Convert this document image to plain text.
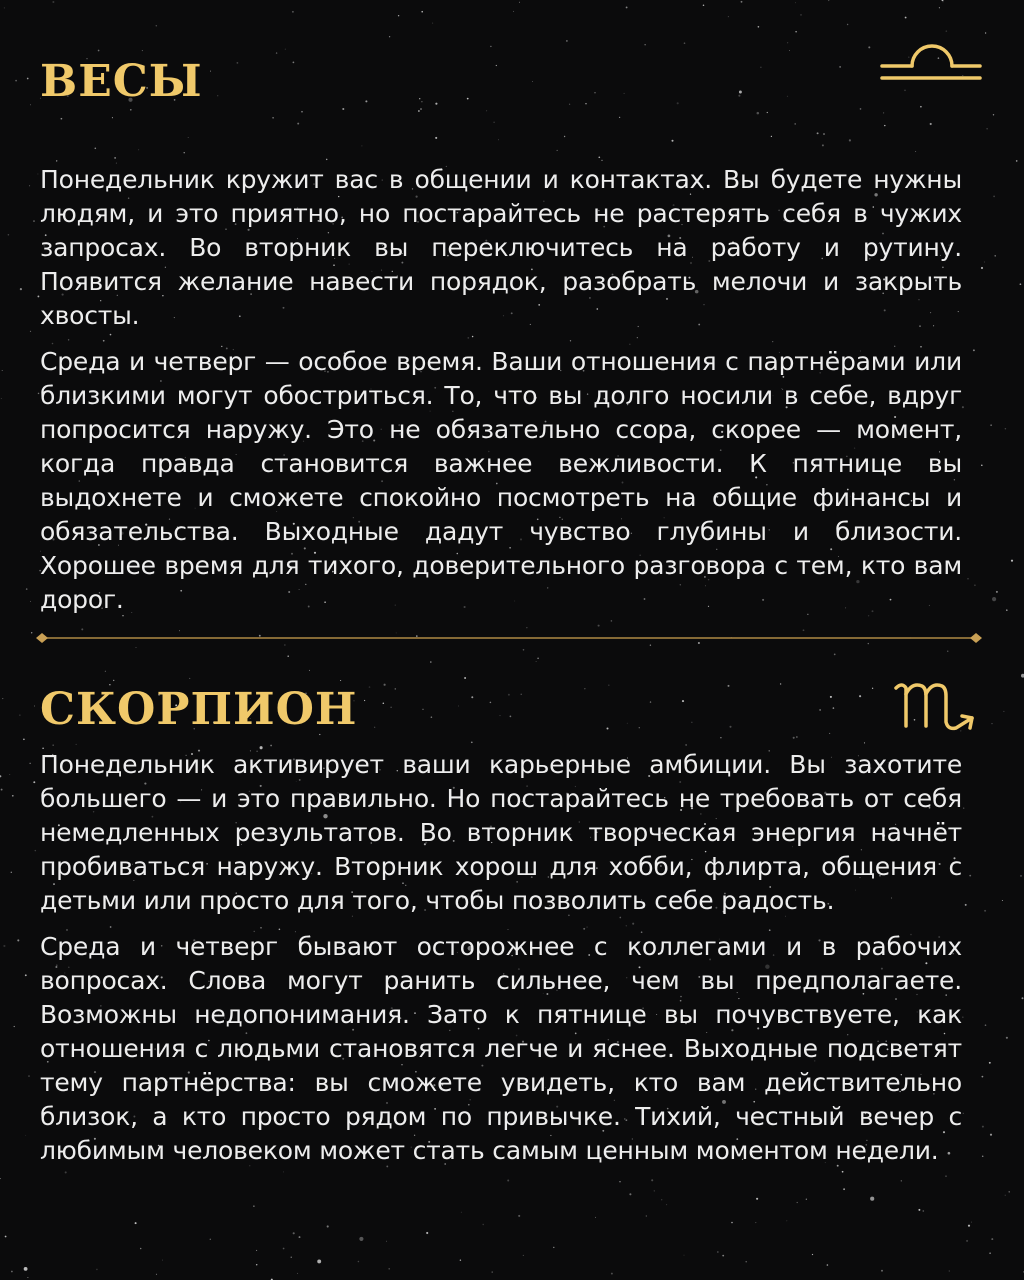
ВЕСЫ

Понедельник кружит вас в общении и контактах. Вы будете нужны людям, и это приятно, но постарайтесь не растерять себя в чужих запросах. Во вторник вы переключитесь на работу и рутину. Появится желание навести порядок, разобрать мелочи и закрыть хвосты.

Среда и четверг — особое время. Ваши отношения с партнёрами или близкими могут обостриться. То, что вы долго носили в себе, вдруг попросится наружу. Это не обязательно ссора, скорее — момент, когда правда становится важнее вежливости. К пятнице вы выдохнете и сможете спокойно посмотреть на общие финансы и обязательства. Выходные дадут чувство глубины и близости. Хорошее время для тихого, доверительного разговора с тем, кто вам дорог.

СКОРПИОН

Понедельник активирует ваши карьерные амбиции. Вы захотите большего — и это правильно. Но постарайтесь не требовать от себя немедленных результатов. Во вторник творческая энергия начнёт пробиваться наружу. Вторник хорош для хобби, флирта, общения с детьми или просто для того, чтобы позволить себе радость.

Среда и четверг бывают осторожнее с коллегами и в рабочих вопросах. Слова могут ранить сильнее, чем вы предполагаете. Возможны недопонимания. Зато к пятнице вы почувствуете, как отношения с людьми становятся легче и яснее. Выходные подсветят тему партнёрства: вы сможете увидеть, кто вам действительно близок, а кто просто рядом по привычке. Тихий, честный вечер с любимым человеком может стать самым ценным моментом недели.
